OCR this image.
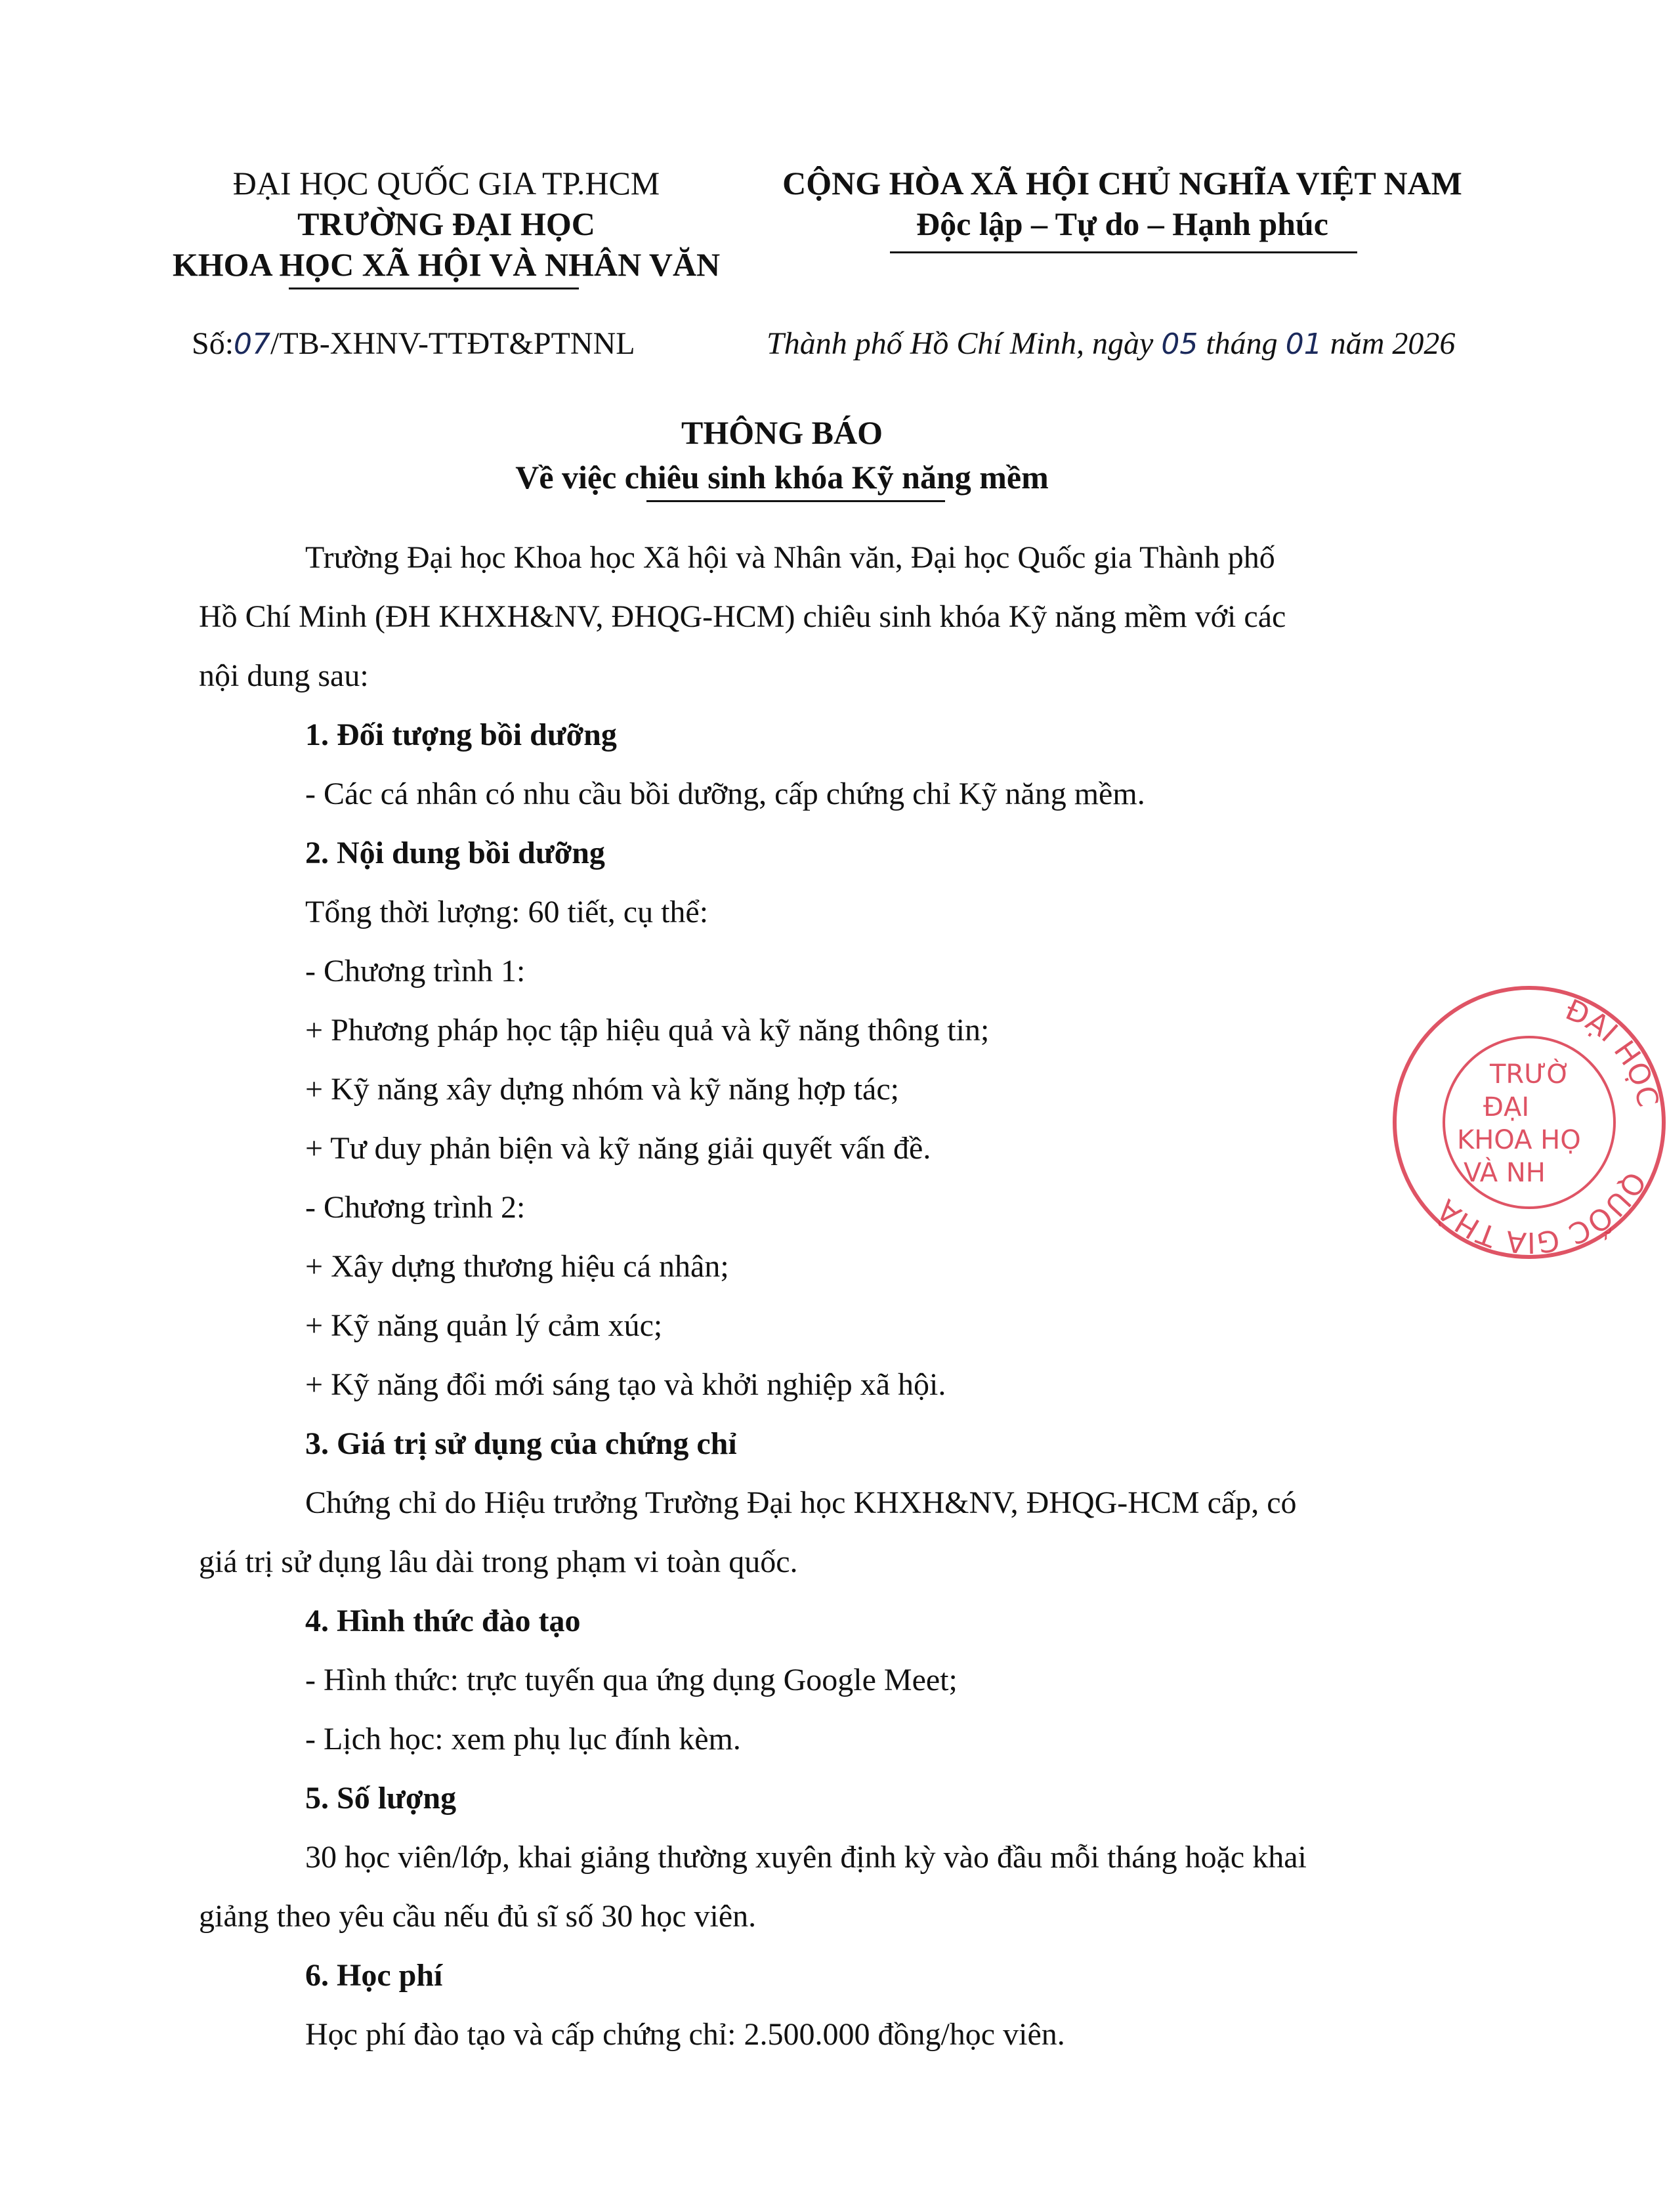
ĐẠI HỌC QUỐC GIA TP.HCM
TRƯỜNG ĐẠI HỌC
KHOA HỌC XÃ HỘI VÀ NHÂN VĂN
CỘNG HÒA XÃ HỘI CHỦ NGHĨA VIỆT NAM
Độc lập – Tự do – Hạnh phúc
Số:07/TB-XHNV-TTĐT&PTNNL	Thành phố Hồ Chí Minh, ngày 05 tháng 01 năm 2026
THÔNG BÁO
Về việc chiêu sinh khóa Kỹ năng mềm
Trường Đại học Khoa học Xã hội và Nhân văn, Đại học Quốc gia Thành phố
Hồ Chí Minh (ĐH KHXH&NV, ĐHQG-HCM) chiêu sinh khóa Kỹ năng mềm với các
nội dung sau:
1. Đối tượng bồi dưỡng
- Các cá nhân có nhu cầu bồi dưỡng, cấp chứng chỉ Kỹ năng mềm.
2. Nội dung bồi dưỡng
Tổng thời lượng: 60 tiết, cụ thể:
- Chương trình 1:
+ Phương pháp học tập hiệu quả và kỹ năng thông tin;
+ Kỹ năng xây dựng nhóm và kỹ năng hợp tác;
+ Tư duy phản biện và kỹ năng giải quyết vấn đề.
- Chương trình 2:
+ Xây dựng thương hiệu cá nhân;
+ Kỹ năng quản lý cảm xúc;
+ Kỹ năng đổi mới sáng tạo và khởi nghiệp xã hội.
3. Giá trị sử dụng của chứng chỉ
Chứng chỉ do Hiệu trưởng Trường Đại học KHXH&NV, ĐHQG-HCM cấp, có
giá trị sử dụng lâu dài trong phạm vi toàn quốc.
4. Hình thức đào tạo
- Hình thức: trực tuyến qua ứng dụng Google Meet;
- Lịch học: xem phụ lục đính kèm.
5. Số lượng
30 học viên/lớp, khai giảng thường xuyên định kỳ vào đầu mỗi tháng hoặc khai
giảng theo yêu cầu nếu đủ sĩ số 30 học viên.
6. Học phí
Học phí đào tạo và cấp chứng chỉ: 2.500.000 đồng/học viên.
QUỐC GIA THÀ
ĐẠI HỌC
TRƯỜ
ĐẠI
KHOA HỌ
VÀ NH
